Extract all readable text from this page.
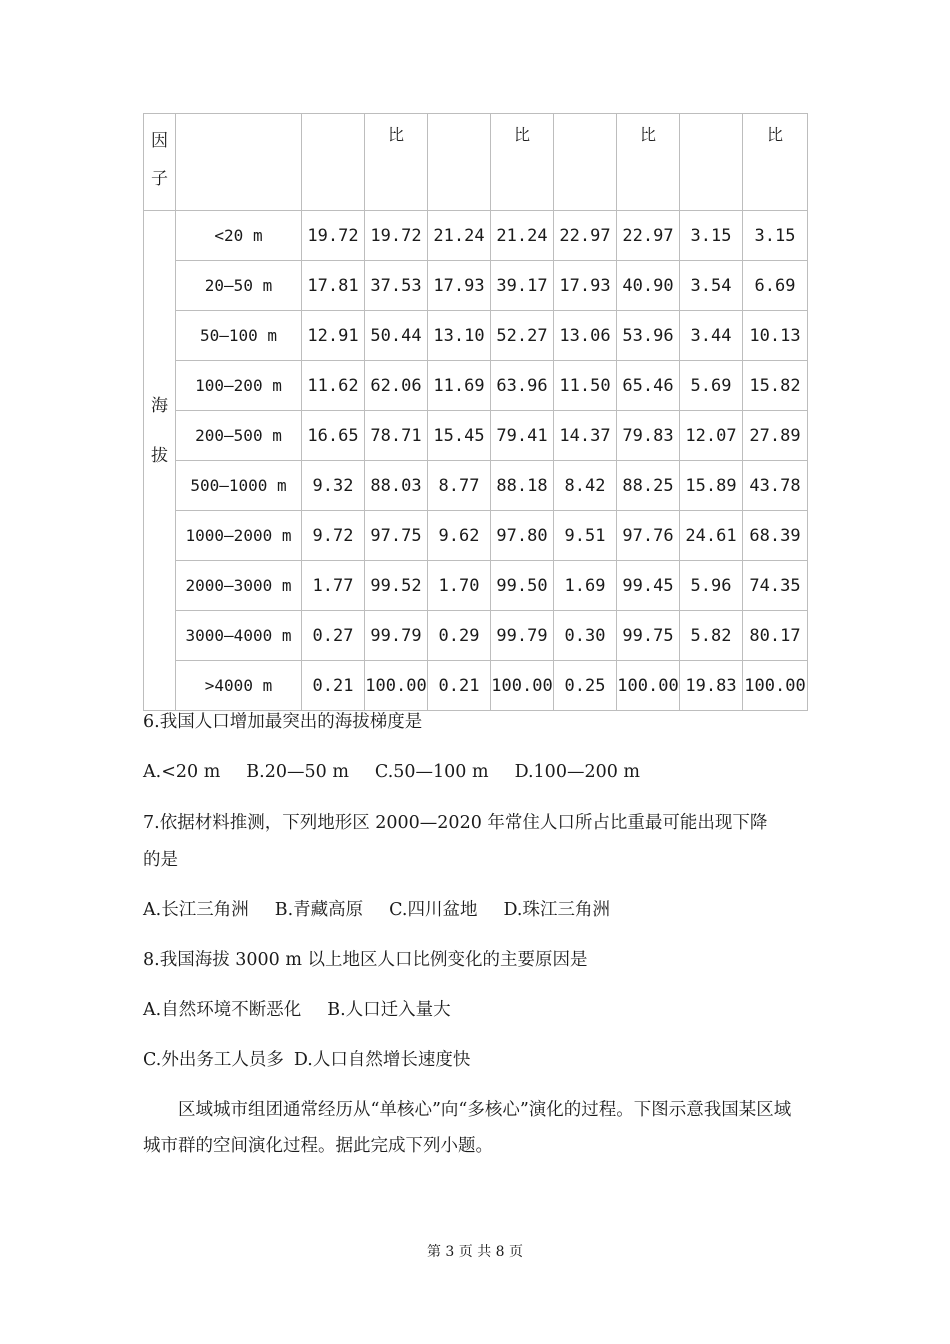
因
子			比		比		比		比

海
拔	<20 m	19.72	19.72	21.24	21.24	22.97	22.97	3.15	3.15
	20—50 m	17.81	37.53	17.93	39.17	17.93	40.90	3.54	6.69
	50—100 m	12.91	50.44	13.10	52.27	13.06	53.96	3.44	10.13
	100—200 m	11.62	62.06	11.69	63.96	11.50	65.46	5.69	15.82
	200—500 m	16.65	78.71	15.45	79.41	14.37	79.83	12.07	27.89
	500—1000 m	9.32	88.03	8.77	88.18	8.42	88.25	15.89	43.78
	1000—2000 m	9.72	97.75	9.62	97.80	9.51	97.76	24.61	68.39
	2000—3000 m	1.77	99.52	1.70	99.50	1.69	99.45	5.96	74.35
	3000—4000 m	0.27	99.79	0.29	99.79	0.30	99.75	5.82	80.17
	>4000 m	0.21	100.00	0.21	100.00	0.25	100.00	19.83	100.00
6.我国人口增加最突出的海拔梯度是
A.<20 m B.20—50 m C.50—100 m D.100—200 m
7.依据材料推测，下列地形区 2000—2020 年常住人口所占比重最可能出现下降
的是
A.长江三角洲 B.青藏高原 C.四川盆地 D.珠江三角洲
8.我国海拔 3000 m 以上地区人口比例变化的主要原因是
A.自然环境不断恶化 B.人口迁入量大
C.外出务工人员多 D.人口自然增长速度快
区域城市组团通常经历从“单核心”向“多核心”演化的过程。下图示意我国某区域城市群的空间演化过程。据此完成下列小题。
第 3 页 共 8 页
